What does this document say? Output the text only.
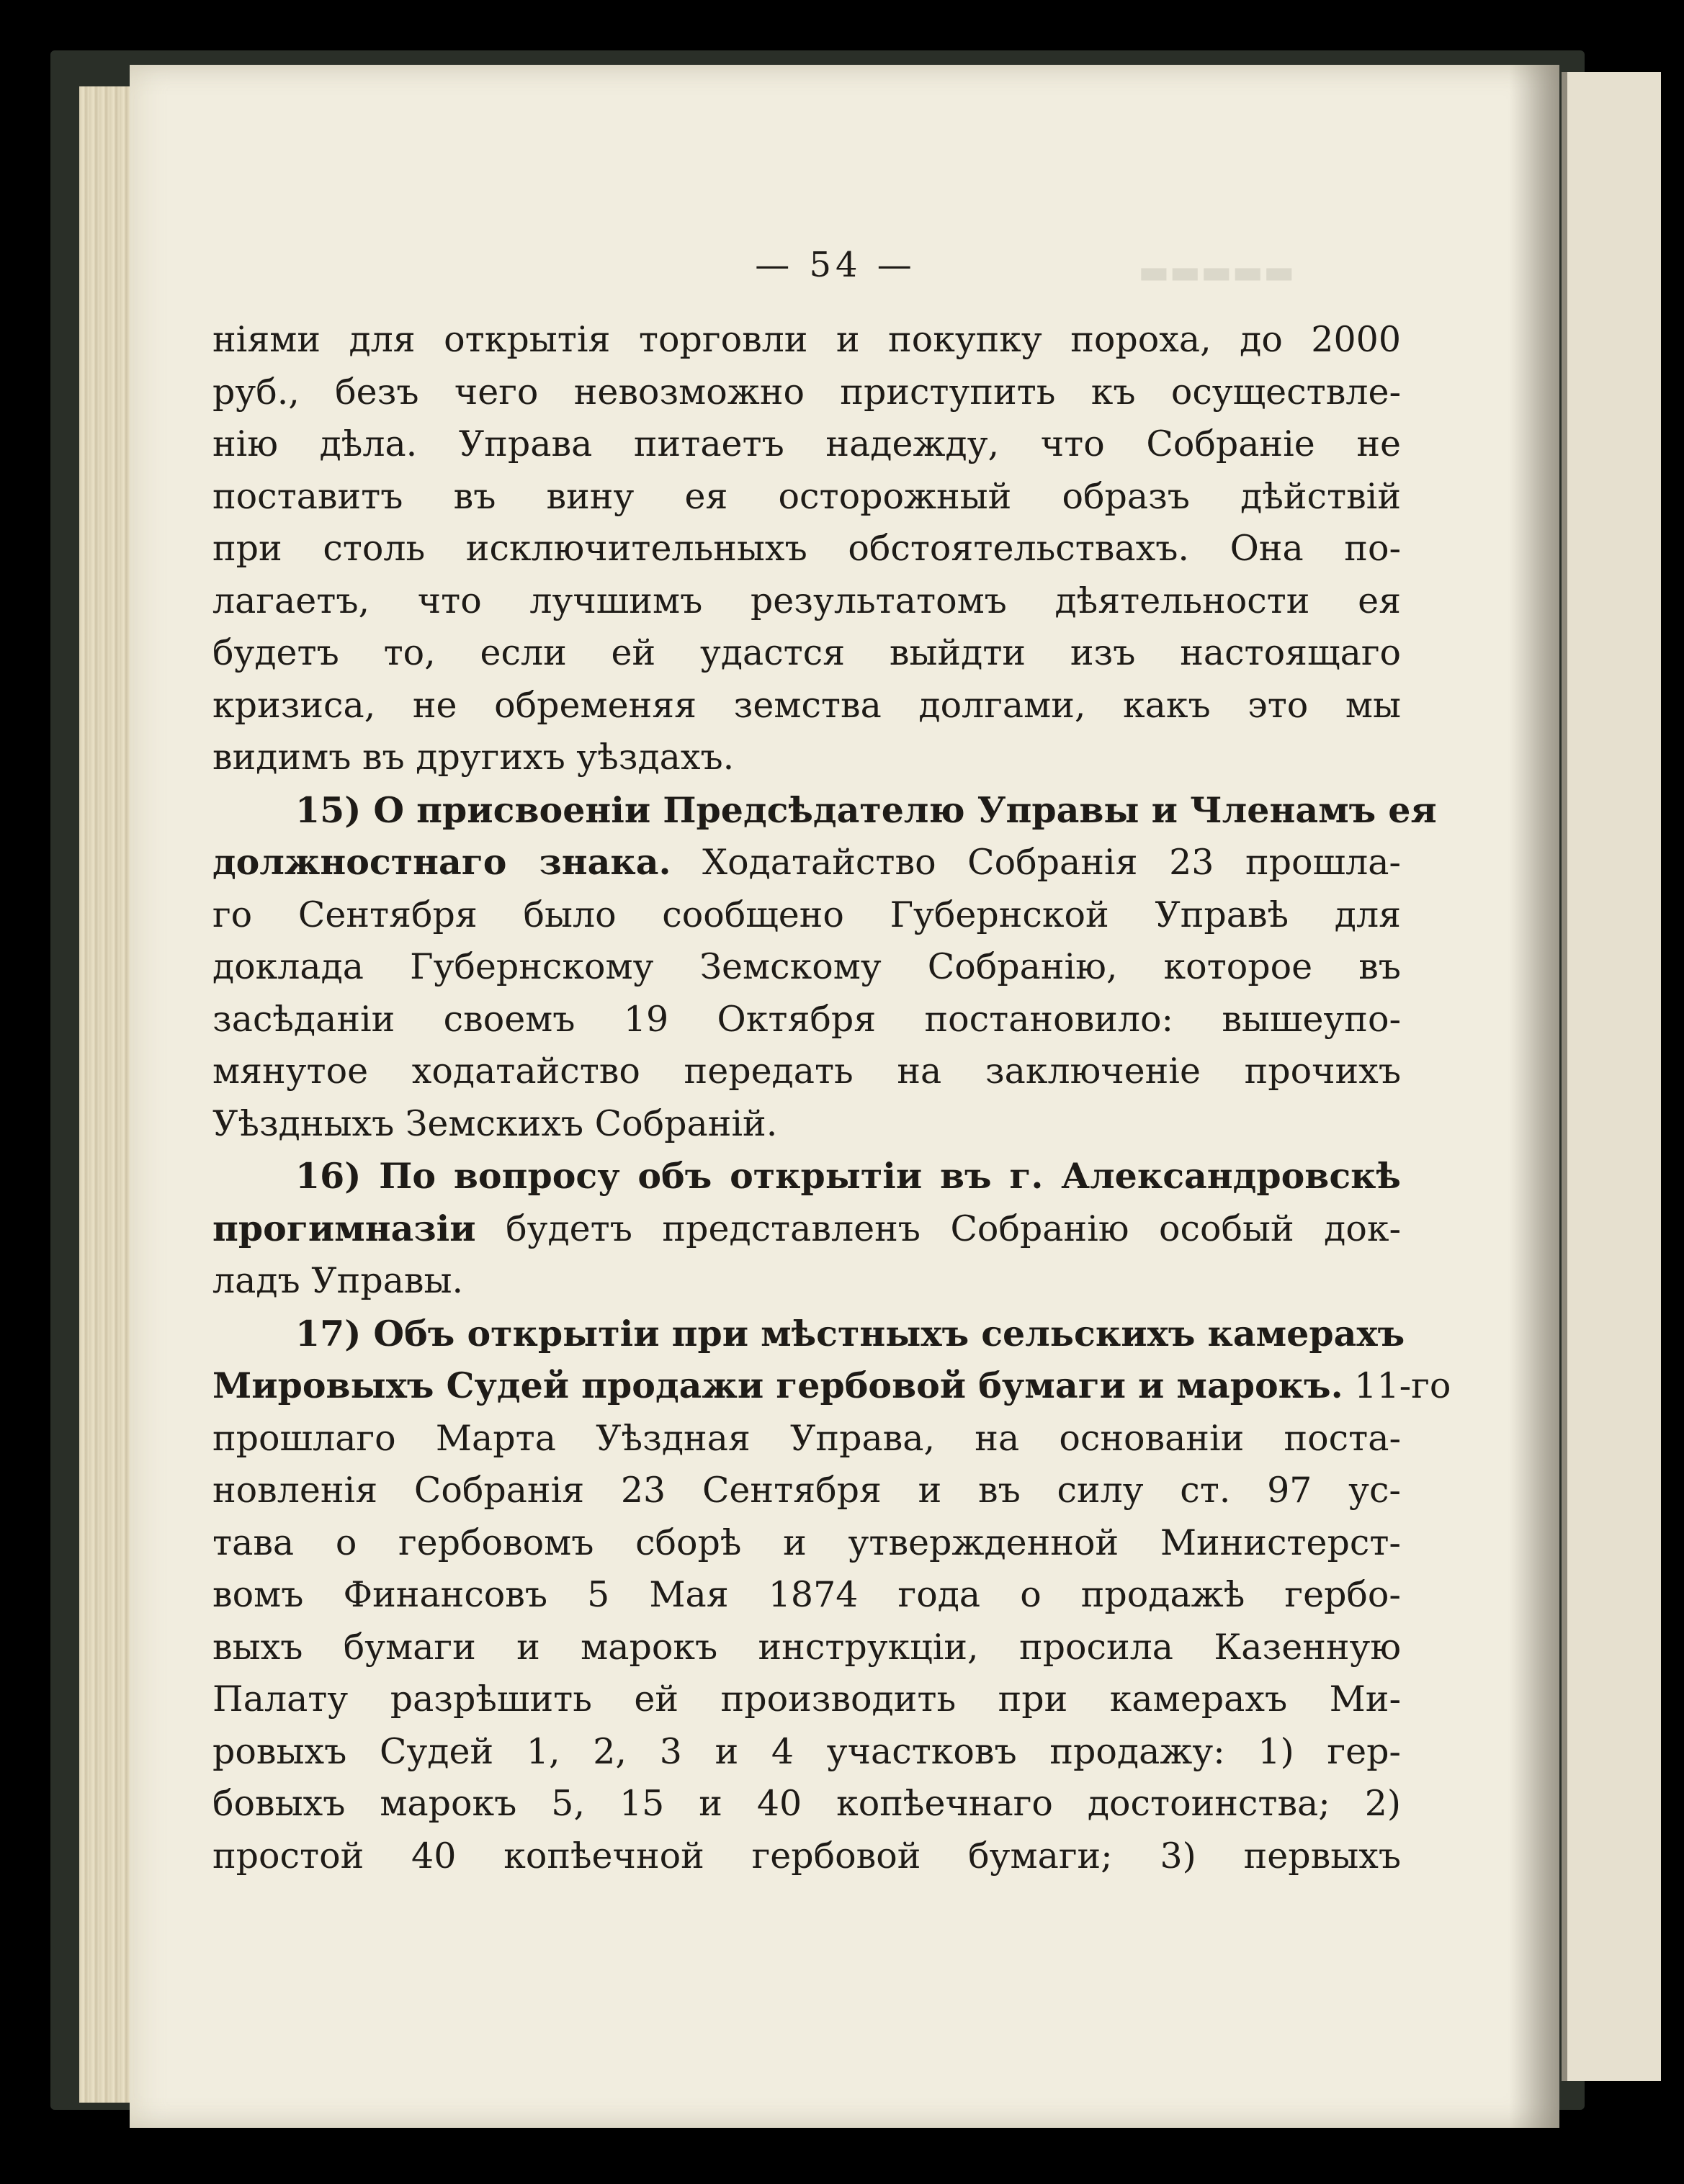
▬▬▬▬▬
— 54 —
ніями для открытія торговли и покупку пороха, до 2000
руб., безъ чего невозможно приступить къ осуществле-
нію дѣла. Управа питаетъ надежду, что Собраніе не
поставитъ въ вину ея осторожный образъ дѣйствій
при столь исключительныхъ обстоятельствахъ. Она по-
лагаетъ, что лучшимъ результатомъ дѣятельности ея
будетъ то, если ей удастся выйдти изъ настоящаго
кризиса, не обременяя земства долгами, какъ это мы
видимъ въ другихъ уѣздахъ.
15) О присвоеніи Предсѣдателю Управы и Членамъ ея
должностнаго знака. Ходатайство Собранія 23 прошла-
го Сентября было сообщено Губернской Управѣ для
доклада Губернскому Земскому Собранію, которое въ
засѣданіи своемъ 19 Октября постановило: вышеупо-
мянутое ходатайство передать на заключеніе прочихъ
Уѣздныхъ Земскихъ Собраній.
16) По вопросу объ открытіи въ г. Александровскѣ
прогимназіи будетъ представленъ Собранію особый док-
ладъ Управы.
17) Объ открытіи при мѣстныхъ сельскихъ камерахъ
Мировыхъ Судей продажи гербовой бумаги и марокъ. 11-го
прошлаго Марта Уѣздная Управа, на основаніи поста-
новленія Собранія 23 Сентября и въ силу ст. 97 ус-
тава о гербовомъ сборѣ и утвержденной Министерст-
вомъ Финансовъ 5 Мая 1874 года о продажѣ гербо-
выхъ бумаги и марокъ инструкціи, просила Казенную
Палату разрѣшить ей производить при камерахъ Ми-
ровыхъ Судей 1, 2, 3 и 4 участковъ продажу: 1) гер-
бовыхъ марокъ 5, 15 и 40 копѣечнаго достоинства; 2)
простой 40 копѣечной гербовой бумаги; 3) первыхъ
